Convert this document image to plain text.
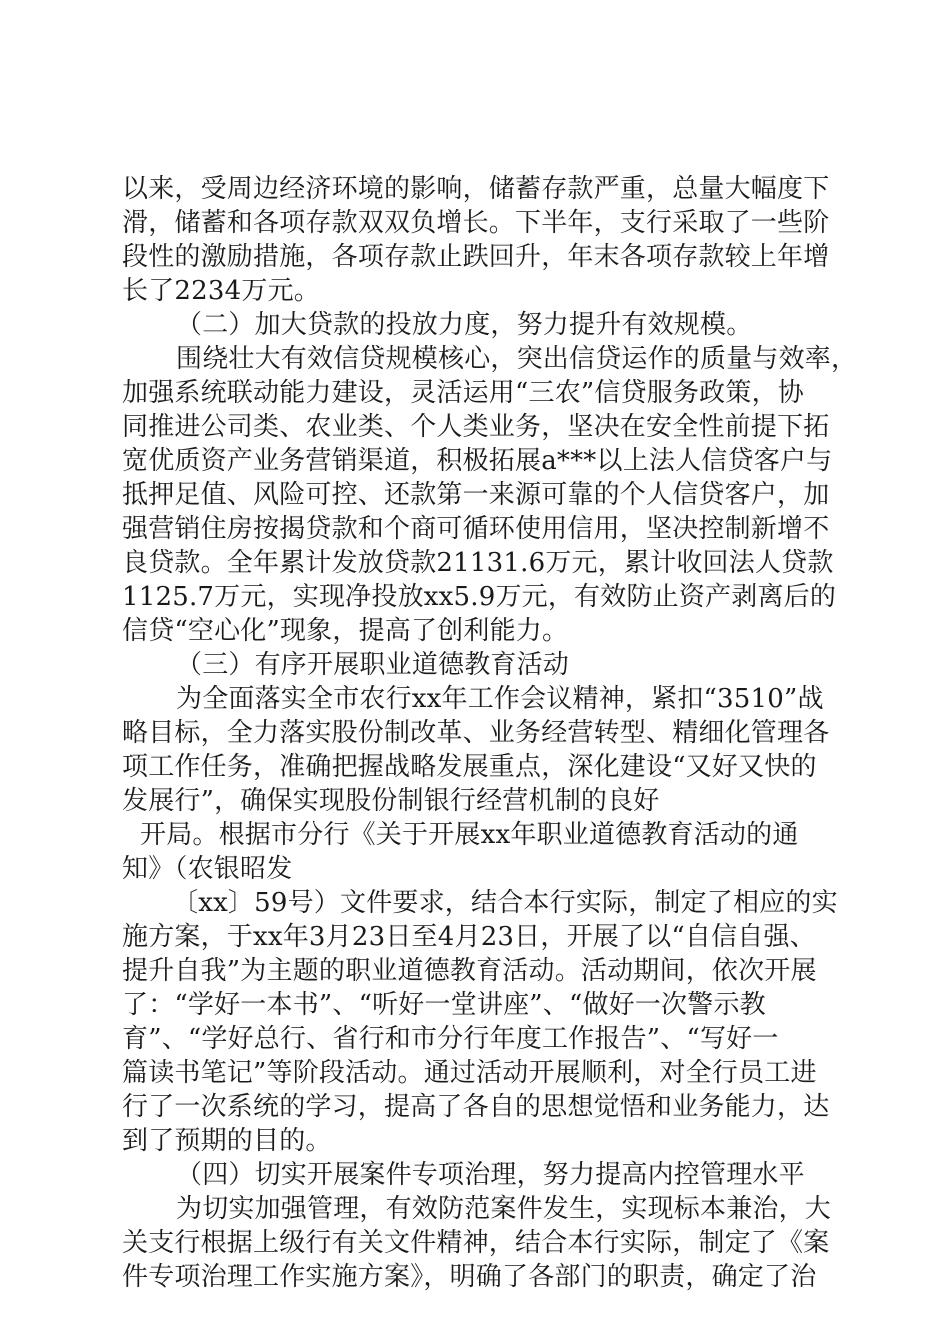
以来，受周边经济环境的影响，储蓄存款严重，总量大幅度下
滑，储蓄和各项存款双双负增长。下半年，支行采取了一些阶
段性的激励措施，各项存款止跌回升，年末各项存款较上年增
长了2234万元。
（二）加大贷款的投放力度，努力提升有效规模。
围绕壮大有效信贷规模核心，突出信贷运作的质量与效率，
加强系统联动能力建设，灵活运用“三农”信贷服务政策，协
同推进公司类、农业类、个人类业务，坚决在安全性前提下拓
宽优质资产业务营销渠道，积极拓展a***以上法人信贷客户与
抵押足值、风险可控、还款第一来源可靠的个人信贷客户，加
强营销住房按揭贷款和个商可循环使用信用，坚决控制新增不
良贷款。全年累计发放贷款21131.6万元，累计收回法人贷款
1125.7万元，实现净投放xx5.9万元，有效防止资产剥离后的
信贷“空心化”现象，提高了创利能力。
（三）有序开展职业道德教育活动
为全面落实全市农行xx年工作会议精神，紧扣“3510”战
略目标，全力落实股份制改革、业务经营转型、精细化管理各
项工作任务，准确把握战略发展重点，深化建设“又好又快的
发展行”，确保实现股份制银行经营机制的良好
开局。根据市分行《关于开展xx年职业道德教育活动的通
知》（农银昭发
〔xx〕59号）文件要求，结合本行实际，制定了相应的实
施方案，于xx年3月23日至4月23日，开展了以“自信自强、
提升自我”为主题的职业道德教育活动。活动期间，依次开展
了：“学好一本书”、“听好一堂讲座”、“做好一次警示教
育”、“学好总行、省行和市分行年度工作报告”、“写好一
篇读书笔记”等阶段活动。通过活动开展顺利，对全行员工进
行了一次系统的学习，提高了各自的思想觉悟和业务能力，达
到了预期的目的。
（四）切实开展案件专项治理，努力提高内控管理水平
为切实加强管理，有效防范案件发生，实现标本兼治，大
关支行根据上级行有关文件精神，结合本行实际，制定了《案
件专项治理工作实施方案》，明确了各部门的职责，确定了治
